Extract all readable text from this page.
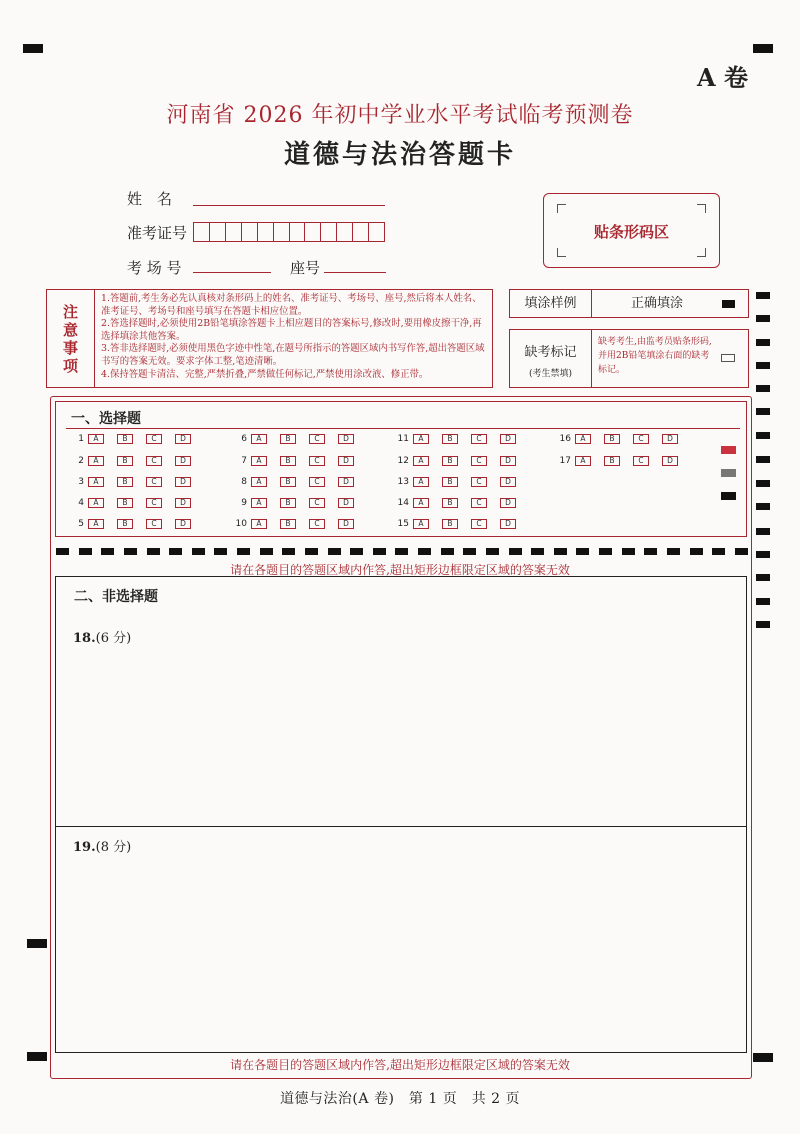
A 卷
河南省 2026 年初中学业水平考试临考预测卷
道德与法治答题卡
姓　名
准考证号
考 场 号	座号
贴条形码区
注
意
事
项
1.答题前,考生务必先认真核对条形码上的姓名、准考证号、考场号、座号,然后将本人姓名、准考证号、考场号和座号填写在答题卡相应位置。
2.答选择题时,必须使用2B铅笔填涂答题卡上相应题目的答案标号,修改时,要用橡皮擦干净,再选择填涂其他答案。
3.答非选择题时,必须使用黑色字迹中性笔,在题号所指示的答题区域内书写作答,超出答题区域书写的答案无效。要求字体工整,笔迹清晰。
4.保持答题卡清洁、完整,严禁折叠,严禁做任何标记,严禁使用涂改液、修正带。
填涂样例	正确填涂
缺考标记
(考生禁填)
缺考考生,由监考员贴条形码,并用2B铅笔填涂右面的缺考标记。
一、选择题
1	A	B	C	D
2	A	B	C	D
3	A	B	C	D
4	A	B	C	D
5	A	B	C	D
6	A	B	C	D
7	A	B	C	D
8	A	B	C	D
9	A	B	C	D
10	A	B	C	D
11	A	B	C	D
12	A	B	C	D
13	A	B	C	D
14	A	B	C	D
15	A	B	C	D
16	A	B	C	D
17	A	B	C	D
请在各题目的答题区域内作答,超出矩形边框限定区域的答案无效
二、非选择题
18.(6 分)
19.(8 分)
请在各题目的答题区域内作答,超出矩形边框限定区域的答案无效
道德与法治(A 卷)　第 1 页　共 2 页
